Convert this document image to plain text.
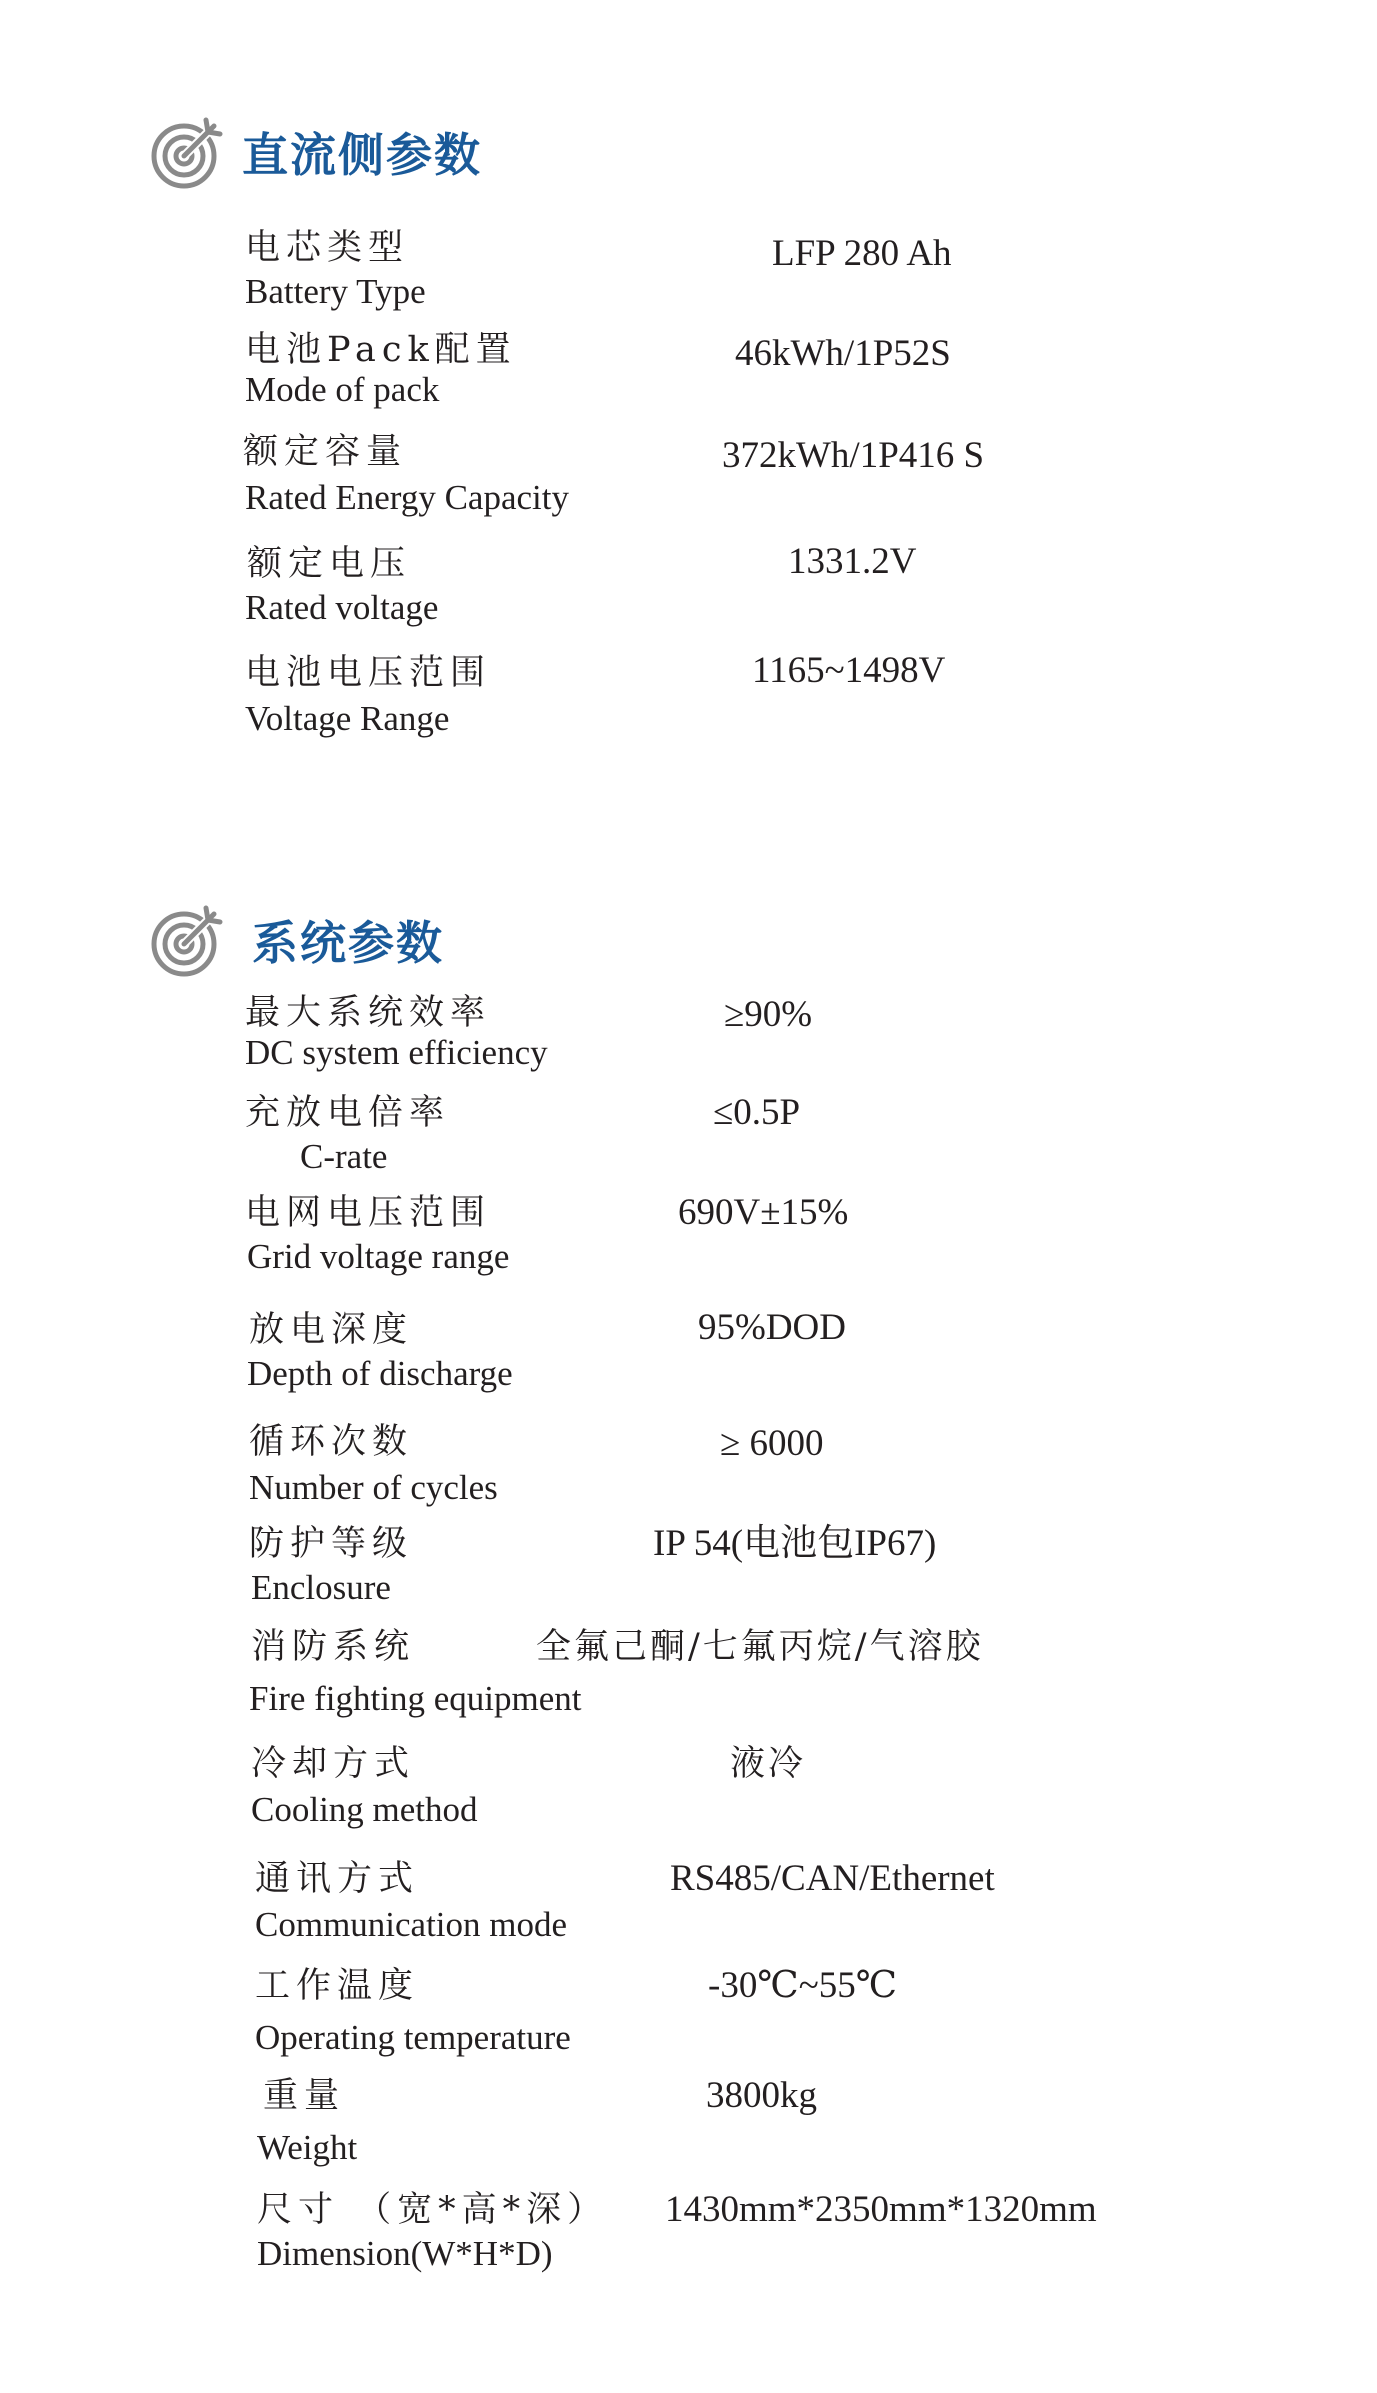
直流侧参数
电芯类型
Battery Type
LFP 280 Ah
电池Pack配置
Mode of pack
46kWh/1P52S
额定容量
Rated Energy Capacity
372kWh/1P416 S
额定电压
Rated voltage
1331.2V
电池电压范围
Voltage Range
1165~1498V
系统参数
最大系统效率
DC system efficiency
≥90%
充放电倍率
C-rate
≤0.5P
电网电压范围
Grid voltage range
690V±15%
放电深度
Depth of discharge
95%DOD
循环次数
Number of cycles
≥ 6000
防护等级
Enclosure
IP 54(电池包IP67)
消防系统
Fire fighting equipment
全氟己酮/七氟丙烷/气溶胶
冷却方式
Cooling method
液冷
通讯方式
Communication mode
RS485/CAN/Ethernet
工作温度
Operating temperature
-30℃~55℃
重量
Weight
3800kg
尺寸 （宽*高*深）
Dimension(W*H*D)
1430mm*2350mm*1320mm
